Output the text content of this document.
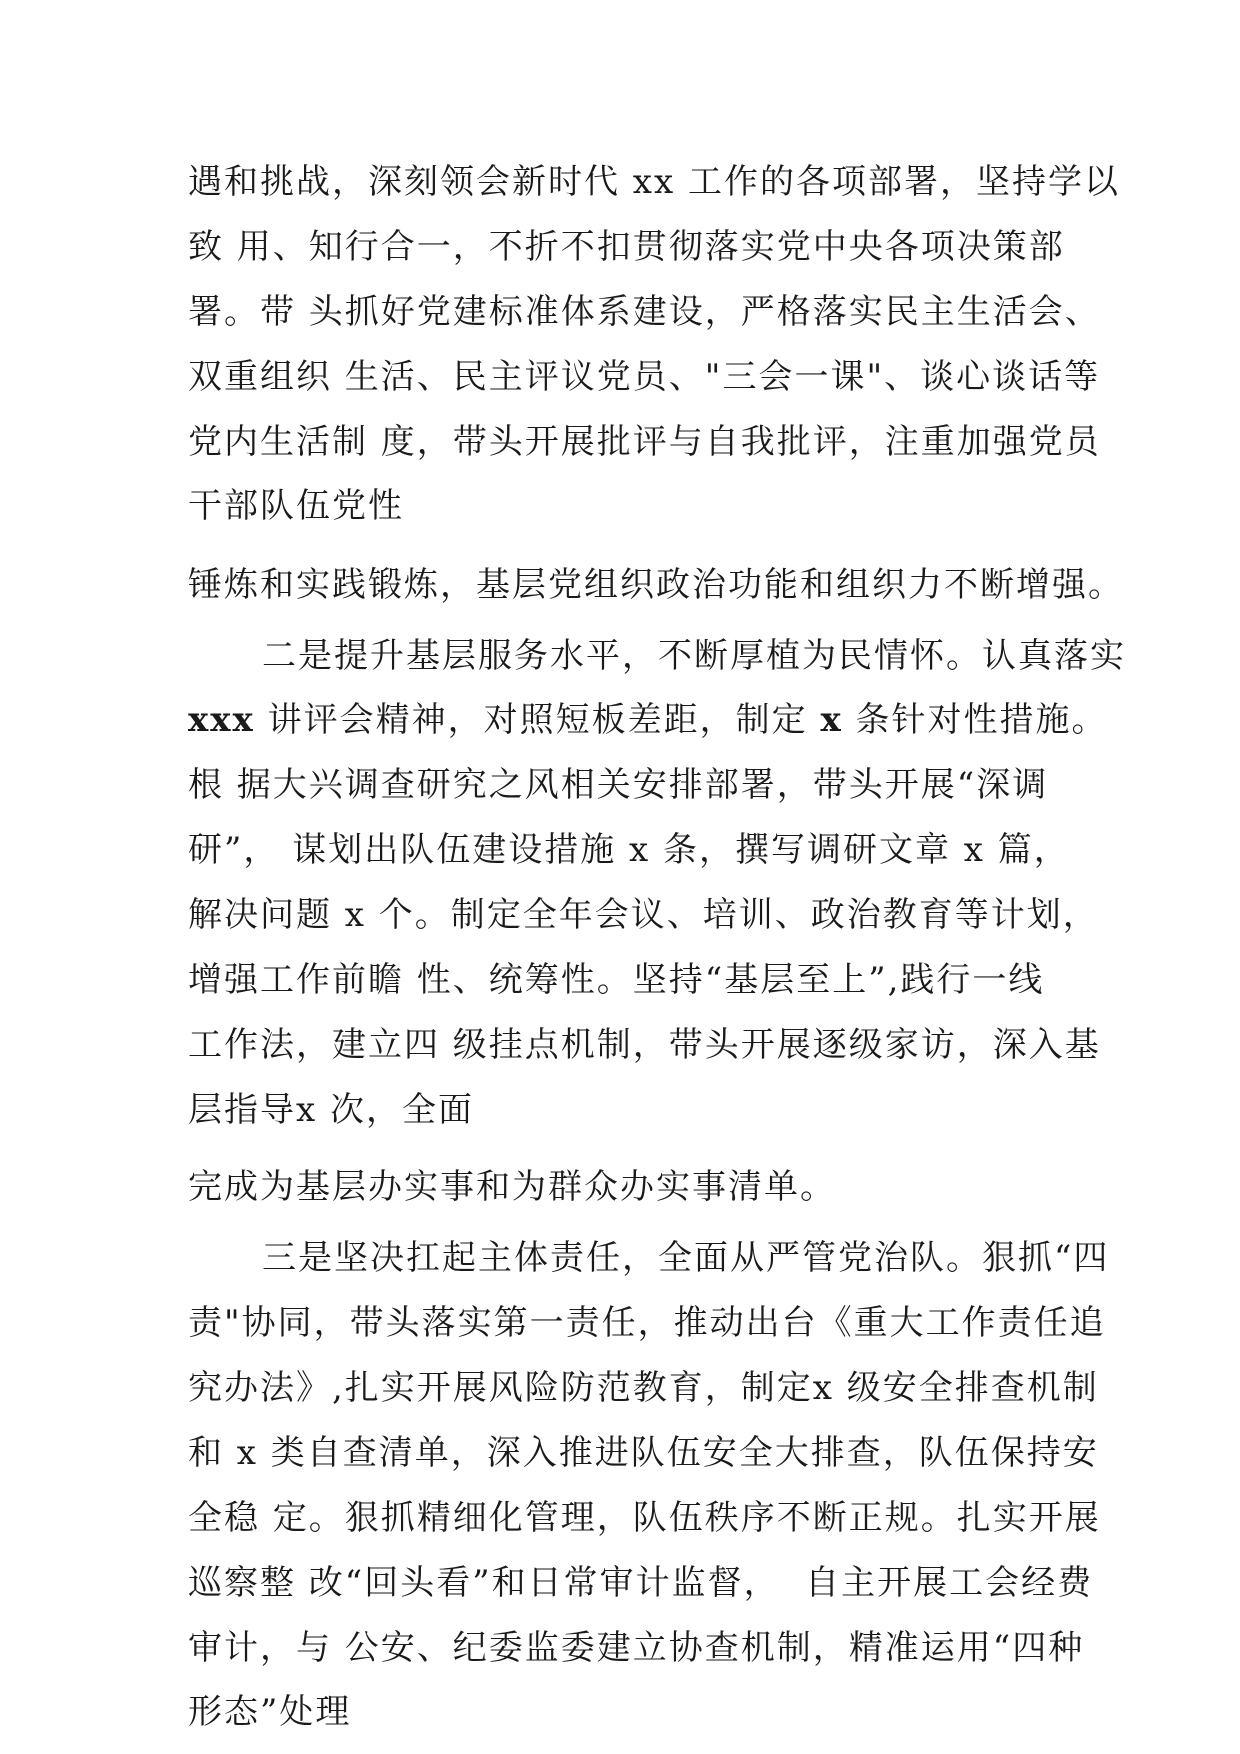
遇和挑战，深刻领会新时代 xx 工作的各项部署，坚持学以
致 用、知行合一，不折不扣贯彻落实党中央各项决策部
署。带 头抓好党建标准体系建设，严格落实民主生活会、
双重组织 生活、民主评议党员、"三会一课"、谈心谈话等
党内生活制 度，带头开展批评与自我批评，注重加强党员
干部队伍党性
锤炼和实践锻炼，基层党组织政治功能和组织力不断增强。
二是提升基层服务水平，不断厚植为民情怀。认真落实
xxx 讲评会精神，对照短板差距，制定 x 条针对性措施。
根 据大兴调查研究之风相关安排部署，带头开展“深调
研”， 谋划出队伍建设措施 x 条，撰写调研文章 x 篇，
解决问题 x 个。制定全年会议、培训、政治教育等计划，
增强工作前瞻 性、统筹性。坚持“基层至上”,践行一线
工作法，建立四 级挂点机制，带头开展逐级家访，深入基
层指导x 次，全面
完成为基层办实事和为群众办实事清单。
三是坚决扛起主体责任，全面从严管党治队。狠抓“四
责"协同，带头落实第一责任，推动出台《重大工作责任追
究办法》,扎实开展风险防范教育，制定x 级安全排查机制
和 x 类自查清单，深入推进队伍安全大排查，队伍保持安
全稳 定。狠抓精细化管理，队伍秩序不断正规。扎实开展
巡察整 改“回头看”和日常审计监督，  自主开展工会经费
审计，与 公安、纪委监委建立协查机制，精准运用“四种
形态”处理
